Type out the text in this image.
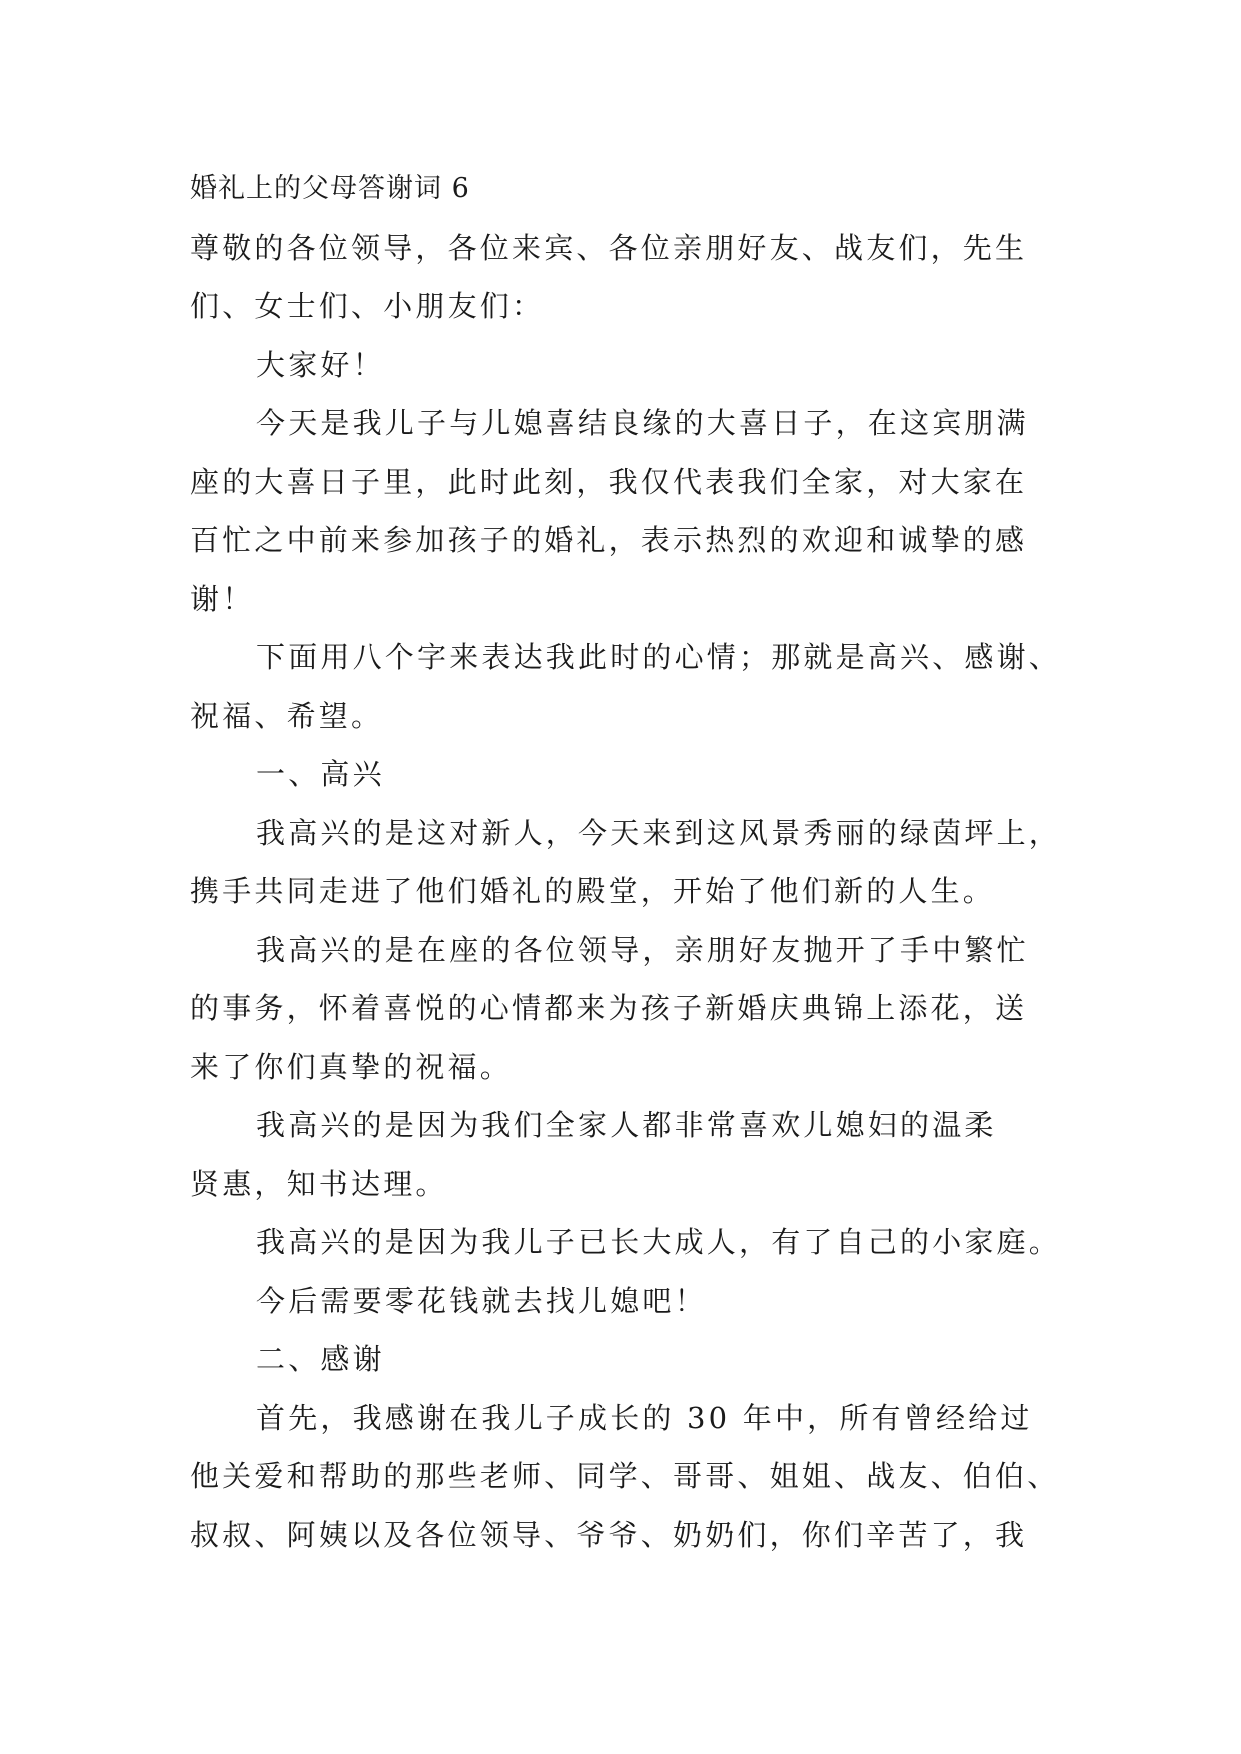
婚礼上的父母答谢词 6
尊敬的各位领导，各位来宾、各位亲朋好友、战友们，先生
们、女士们、小朋友们：
大家好！
今天是我儿子与儿媳喜结良缘的大喜日子，在这宾朋满
座的大喜日子里，此时此刻，我仅代表我们全家，对大家在
百忙之中前来参加孩子的婚礼，表示热烈的欢迎和诚挚的感
谢！
下面用八个字来表达我此时的心情；那就是高兴、感谢、
祝福、希望。
一、高兴
我高兴的是这对新人，今天来到这风景秀丽的绿茵坪上，
携手共同走进了他们婚礼的殿堂，开始了他们新的人生。
我高兴的是在座的各位领导，亲朋好友抛开了手中繁忙
的事务，怀着喜悦的心情都来为孩子新婚庆典锦上添花，送
来了你们真挚的祝福。
我高兴的是因为我们全家人都非常喜欢儿媳妇的温柔
贤惠，知书达理。
我高兴的是因为我儿子已长大成人，有了自己的小家庭。
今后需要零花钱就去找儿媳吧！
二、感谢
首先，我感谢在我儿子成长的 30 年中，所有曾经给过
他关爱和帮助的那些老师、同学、哥哥、姐姐、战友、伯伯、
叔叔、阿姨以及各位领导、爷爷、奶奶们，你们辛苦了，我
